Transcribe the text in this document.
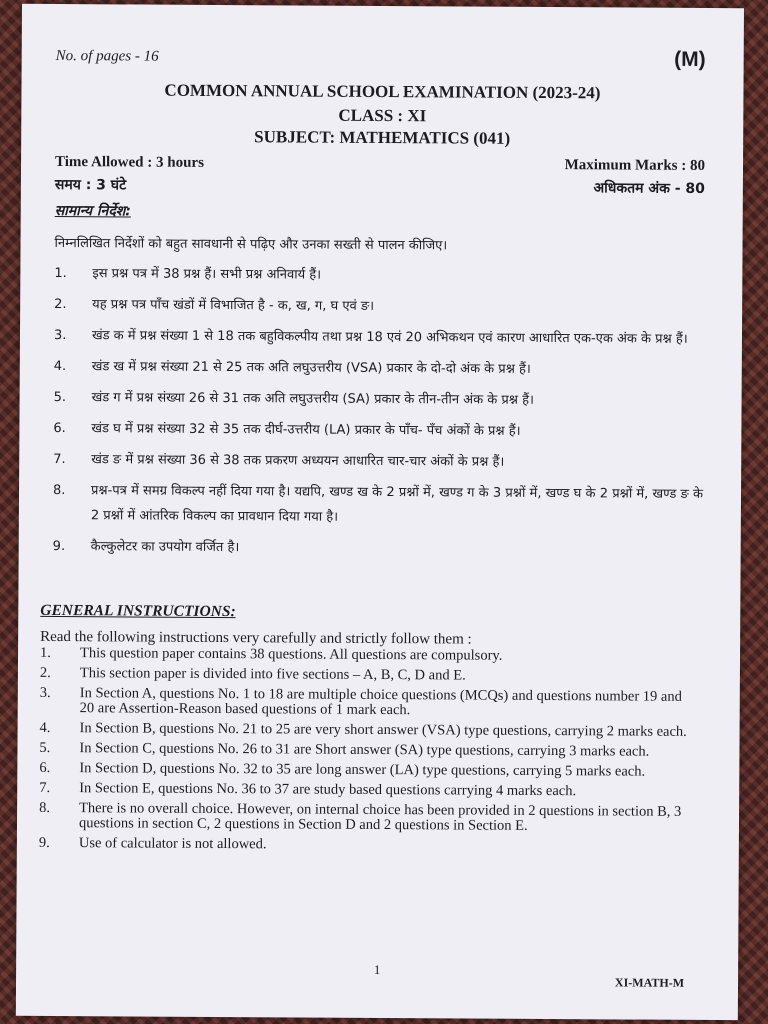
No. of pages - 16	(M)
COMMON ANNUAL SCHOOL EXAMINATION (2023-24)
CLASS : XI
SUBJECT: MATHEMATICS (041)
Time Allowed : 3 hours
समय : 3 घंटे
Maximum Marks : 80
अधिकतम अंक - 80
सामान्य निर्देश:
निम्नलिखित निर्देशों को बहुत सावधानी से पढ़िए और उनका सख्ती से पालन कीजिए।
1.	इस प्रश्न पत्र में 38 प्रश्न हैं। सभी प्रश्न अनिवार्य हैं।
2.	यह प्रश्न पत्र पाँच खंडों में विभाजित है - क, ख, ग, घ एवं ङ।
3.	खंड क में प्रश्न संख्या 1 से 18 तक बहुविकल्पीय तथा प्रश्न 18 एवं 20 अभिकथन एवं कारण आधारित एक-एक अंक के प्रश्न हैं।
4.	खंड ख में प्रश्न संख्या 21 से 25 तक अति लघुउत्तरीय (VSA) प्रकार के दो-दो अंक के प्रश्न हैं।
5.	खंड ग में प्रश्न संख्या 26 से 31 तक अति लघुउत्तरीय (SA) प्रकार के तीन-तीन अंक के प्रश्न हैं।
6.	खंड घ में प्रश्न संख्या 32 से 35 तक दीर्घ-उत्तरीय (LA) प्रकार के पाँच- पँच अंकों के प्रश्न हैं।
7.	खंड ङ में प्रश्न संख्या 36 से 38 तक प्रकरण अध्ययन आधारित चार-चार अंकों के प्रश्न हैं।
8.	प्रश्न-पत्र में समग्र विकल्प नहीं दिया गया है। यद्यपि, खण्ड ख के 2 प्रश्नों में, खण्ड ग के 3 प्रश्नों में, खण्ड घ के 2 प्रश्नों में, खण्ड ङ के 2 प्रश्नों में आंतरिक विकल्प का प्रावधान दिया गया है।
9.	कैल्कुलेटर का उपयोग वर्जित है।
GENERAL INSTRUCTIONS:
Read the following instructions very carefully and strictly follow them :
1.	This question paper contains 38 questions. All questions are compulsory.
2.	This section paper is divided into five sections – A, B, C, D and E.
3.	In Section A, questions No. 1 to 18 are multiple choice questions (MCQs) and questions number 19 and 20 are Assertion-Reason based questions of 1 mark each.
4.	In Section B, questions No. 21 to 25 are very short answer (VSA) type questions, carrying 2 marks each.
5.	In Section C, questions No. 26 to 31 are Short answer (SA) type questions, carrying 3 marks each.
6.	In Section D, questions No. 32 to 35 are long answer (LA) type questions, carrying 5 marks each.
7.	In Section E, questions No. 36 to 37 are study based questions carrying 4 marks each.
8.	There is no overall choice. However, on internal choice has been provided in 2 questions in section B, 3 questions in section C, 2 questions in Section D and 2 questions in Section E.
9.	Use of calculator is not allowed.
1
XI-MATH-M
